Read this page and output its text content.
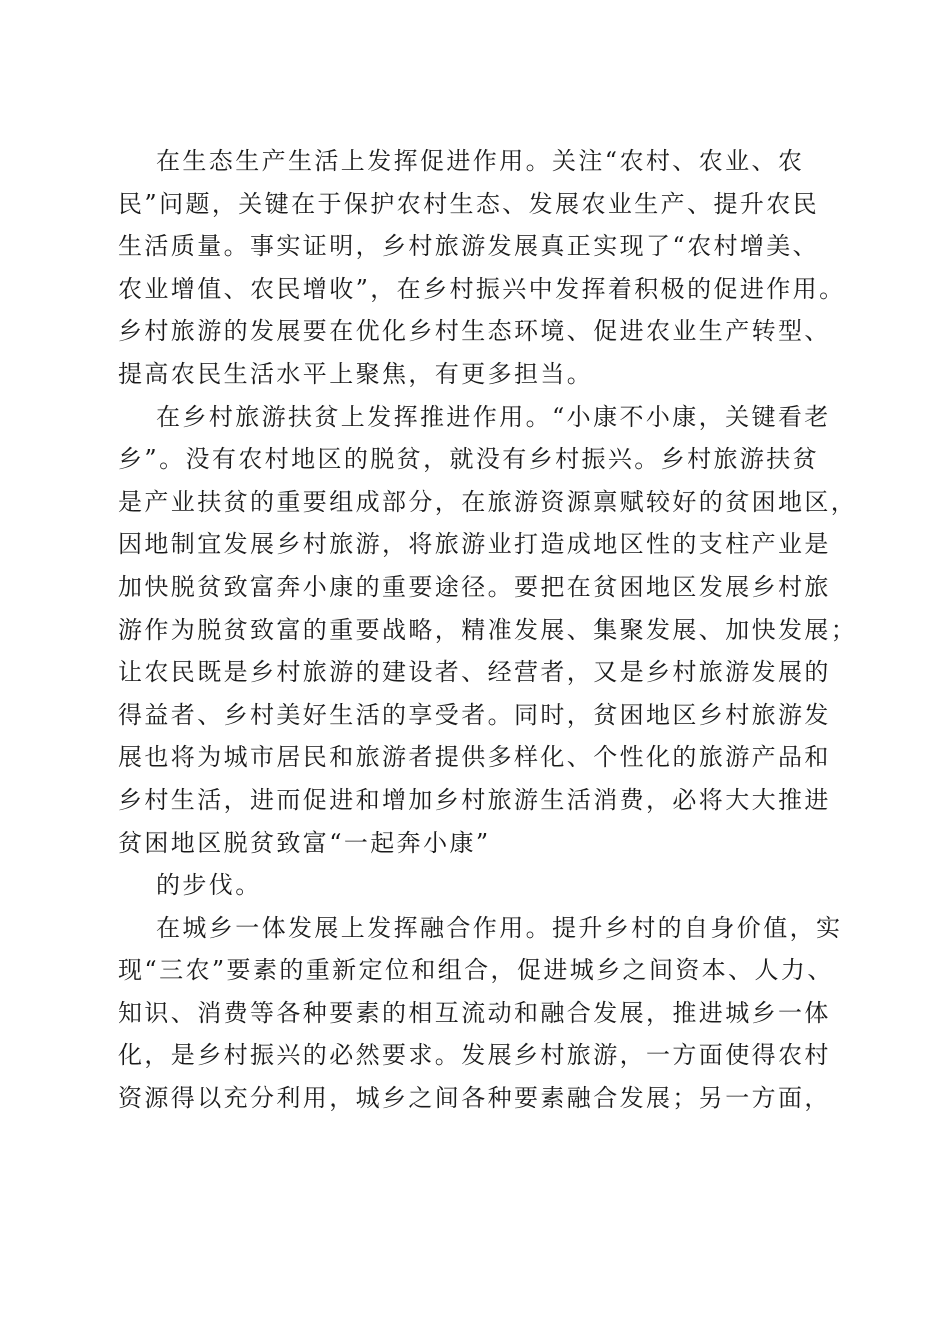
在生态生产生活上发挥促进作用。关注“农村、农业、农
民”问题，关键在于保护农村生态、发展农业生产、提升农民
生活质量。事实证明，乡村旅游发展真正实现了“农村增美、
农业增值、农民增收”，在乡村振兴中发挥着积极的促进作用。
乡村旅游的发展要在优化乡村生态环境、促进农业生产转型、
提高农民生活水平上聚焦，有更多担当。
在乡村旅游扶贫上发挥推进作用。“小康不小康，关键看老
乡”。没有农村地区的脱贫，就没有乡村振兴。乡村旅游扶贫
是产业扶贫的重要组成部分，在旅游资源禀赋较好的贫困地区，
因地制宜发展乡村旅游，将旅游业打造成地区性的支柱产业是
加快脱贫致富奔小康的重要途径。要把在贫困地区发展乡村旅
游作为脱贫致富的重要战略，精准发展、集聚发展、加快发展；
让农民既是乡村旅游的建设者、经营者，又是乡村旅游发展的
得益者、乡村美好生活的享受者。同时，贫困地区乡村旅游发
展也将为城市居民和旅游者提供多样化、个性化的旅游产品和
乡村生活，进而促进和增加乡村旅游生活消费，必将大大推进
贫困地区脱贫致富“一起奔小康”
的步伐。
在城乡一体发展上发挥融合作用。提升乡村的自身价值，实
现“三农”要素的重新定位和组合，促进城乡之间资本、人力、
知识、消费等各种要素的相互流动和融合发展，推进城乡一体
化，是乡村振兴的必然要求。发展乡村旅游，一方面使得农村
资源得以充分利用，城乡之间各种要素融合发展；另一方面，
